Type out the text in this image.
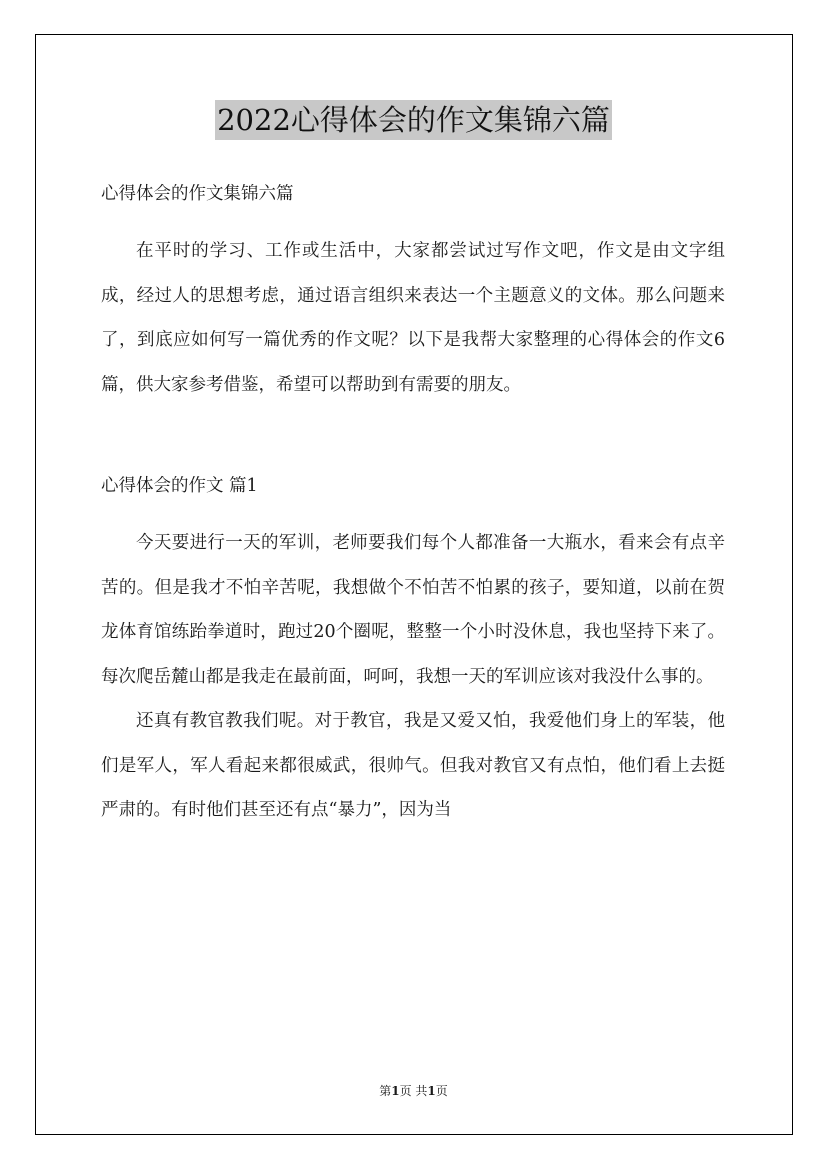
2022心得体会的作文集锦六篇

心得体会的作文集锦六篇

在平时的学习、工作或生活中，大家都尝试过写作文吧，作文是由文字组成，经过人的思想考虑，通过语言组织来表达一个主题意义的文体。那么问题来了，到底应如何写一篇优秀的作文呢？以下是我帮大家整理的心得体会的作文6篇，供大家参考借鉴，希望可以帮助到有需要的朋友。

心得体会的作文 篇1

今天要进行一天的军训，老师要我们每个人都准备一大瓶水，看来会有点辛苦的。但是我才不怕辛苦呢，我想做个不怕苦不怕累的孩子，要知道，以前在贺龙体育馆练跆拳道时，跑过20个圈呢，整整一个小时没休息，我也坚持下来了。每次爬岳麓山都是我走在最前面，呵呵，我想一天的军训应该对我没什么事的。

还真有教官教我们呢。对于教官，我是又爱又怕，我爱他们身上的军装，他们是军人，军人看起来都很威武，很帅气。但我对教官又有点怕，他们看上去挺严肃的。有时他们甚至还有点“暴力”，因为当

第1页 共1页
